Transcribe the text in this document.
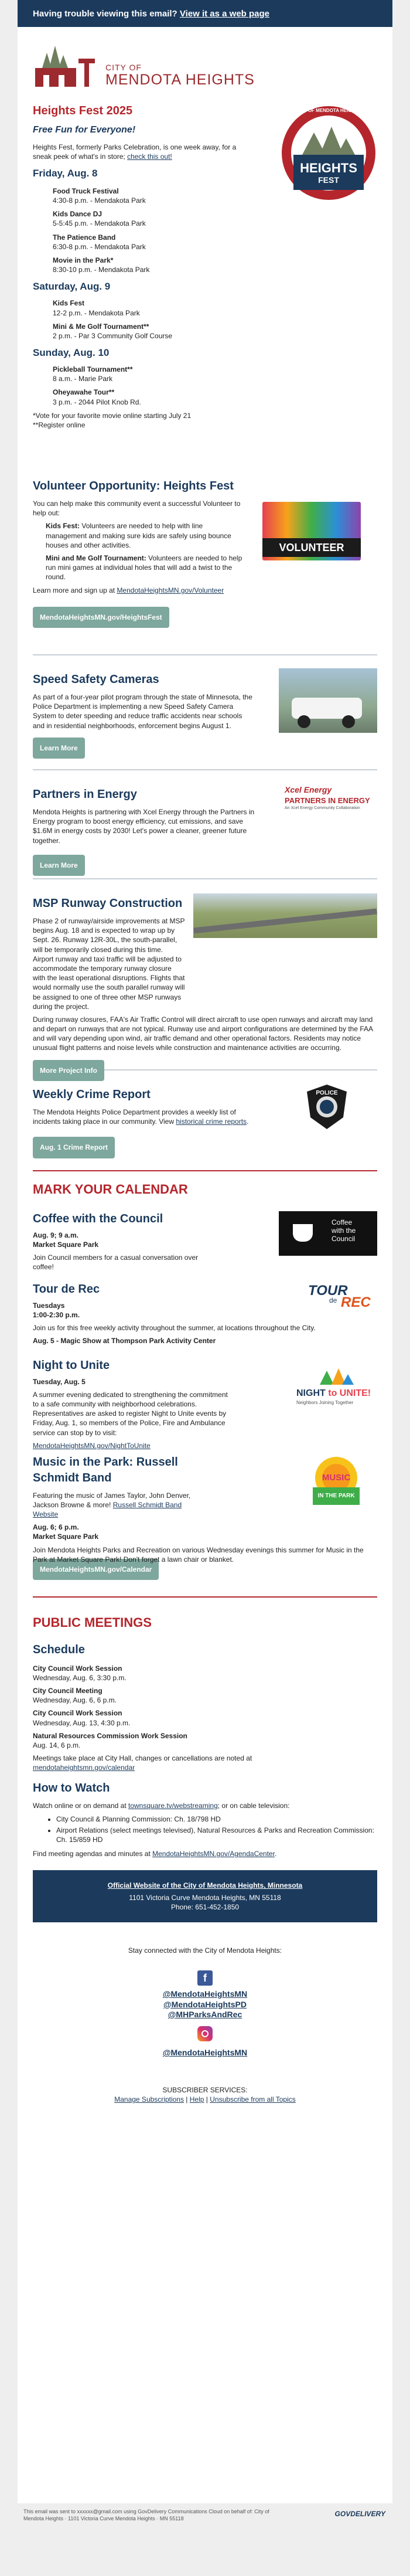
Having trouble viewing this email? View it as a web page
CITY OF
MENDOTA HEIGHTS
Heights Fest 2025
Free Fun for Everyone!

Heights Fest, formerly Parks Celebration, is one week away, for a sneak peek of what's in store; check this out!

CITY OF MENDOTA HEIGHTS
HEIGHTS
FEST
Friday, Aug. 8
Food Truck Festival
4:30-8 p.m. - Mendakota Park
Kids Dance DJ
5-5:45 p.m. - Mendakota Park
The Patience Band
6:30-8 p.m. - Mendakota Park
Movie in the Park*
8:30-10 p.m. - Mendakota Park
Saturday, Aug. 9
Kids Fest
12-2 p.m. - Mendakota Park
Mini & Me Golf Tournament**
2 p.m. - Par 3 Community Golf Course
Sunday, Aug. 10
Pickleball Tournament**
8 a.m. - Marie Park
Oheyawahe Tour**
3 p.m. - 2044 Pilot Knob Rd.

*Vote for your favorite movie online starting July 21

**Register online

Volunteer Opportunity: Heights Fest

You can help make this community event a successful Volunteer to help out:

Kids Fest: Volunteers are needed to help with line management and making sure kids are safely using bounce houses and other activities.

Mini and Me Golf Tournament: Volunteers are needed to help run mini games at individual holes that will add a twist to the round.

Learn more and sign up at MendotaHeightsMN.gov/Volunteer

VOLUNTEER
MendotaHeightsMN.gov/HeightsFest
Speed Safety Cameras

As part of a four-year pilot program through the state of Minnesota, the Police Department is implementing a new Speed Safety Camera System to deter speeding and reduce traffic accidents near schools and in residential neighborhoods, enforcement begins August 1.

Learn More
Partners in Energy

Mendota Heights is partnering with Xcel Energy through the Partners in Energy program to boost energy efficiency, cut emissions, and save $1.6M in energy costs by 2030! Let's power a cleaner, greener future together.

Learn More
Xcel Energy
PARTNERS IN ENERGY
An Xcel Energy Community Collaboration
MSP Runway Construction

Phase 2 of runway/airside improvements at MSP begins Aug. 18 and is expected to wrap up by Sept. 26. Runway 12R-30L, the south-parallel, will be temporarily closed during this time. Airport runway and taxi traffic will be adjusted to accommodate the temporary runway closure with the least operational disruptions. Flights that would normally use the south parallel runway will be assigned to one of three other MSP runways during the project.

During runway closures, FAA's Air Traffic Control will direct aircraft to use open runways and aircraft may land and depart on runways that are not typical. Runway use and airport configurations are determined by the FAA and will vary depending upon wind, air traffic demand and other operational factors. Residents may notice unusual flight patterns and noise levels while construction and maintenance activities are occurring.

More Project Info
Weekly Crime Report

The Mendota Heights Police Department provides a weekly list of incidents taking place in our community. View historical crime reports.

Aug. 1 Crime Report
POLICE
MARK YOUR CALENDAR
Coffee with the Council

Aug. 9; 9 a.m.

Market Square Park

Join Council members for a casual conversation over coffee!

Coffee
with the
Council
Tour de Rec

Tuesdays

1:00-2:30 p.m.

Join us for this free weekly activity throughout the summer, at locations throughout the City.

Aug. 5 - Magic Show at Thompson Park Activity Center

TOUR
de REC
Night to Unite

Tuesday, Aug. 5

A summer evening dedicated to strengthening the commitment to a safe community with neighborhood celebrations. Representatives are asked to register Night to Unite events by Friday, Aug. 1, so members of the Police, Fire and Ambulance service can stop by to visit:

MendotaHeightsMN.gov/NightToUnite

NIGHT to UNITE!
Neighbors Joining Together
Music in the Park: Russell Schmidt Band

Featuring the music of James Taylor, John Denver, Jackson Browne & more! Russell Schmidt Band Website

Aug. 6; 6 p.m.

Market Square Park

Join Mendota Heights Parks and Recreation on various Wednesday evenings this summer for Music in the Park at Market Square Park! Don't forget a lawn chair or blanket.

MUSIC
IN THE PARK
MendotaHeightsMN.gov/Calendar
PUBLIC MEETINGS
Schedule

City Council Work Session

Wednesday, Aug. 6, 3:30 p.m.

City Council Meeting

Wednesday, Aug. 6, 6 p.m.

City Council Work Session

Wednesday, Aug. 13, 4:30 p.m.

Natural Resources Commission Work Session

Aug. 14, 6 p.m.

Meetings take place at City Hall, changes or cancellations are noted at mendotaheightsmn.gov/calendar

How to Watch

Watch online or on demand at townsquare.tv/webstreaming; or on cable television:

• City Council & Planning Commission: Ch. 18/798 HD
• Airport Relations (select meetings televised), Natural Resources & Parks and Recreation Commission: Ch. 15/859 HD

Find meeting agendas and minutes at MendotaHeightsMN.gov/AgendaCenter.

Official Website of the City of Mendota Heights, Minnesota
1101 Victoria Curve Mendota Heights, MN 55118
Phone: 651-452-1850

Stay connected with the City of Mendota Heights:

f
@MendotaHeightsMN
@MendotaHeightsPD
@MHParksAndRec
@MendotaHeightsMN
SUBSCRIBER SERVICES:
Manage Subscriptions | Help | Unsubscribe from all Topics
This email was sent to xxxxxx@gmail.com using GovDelivery Communications Cloud on behalf of: City of Mendota Heights · 1101 Victoria Curve Mendota Heights · MN 55118
GOVDELIVERY
